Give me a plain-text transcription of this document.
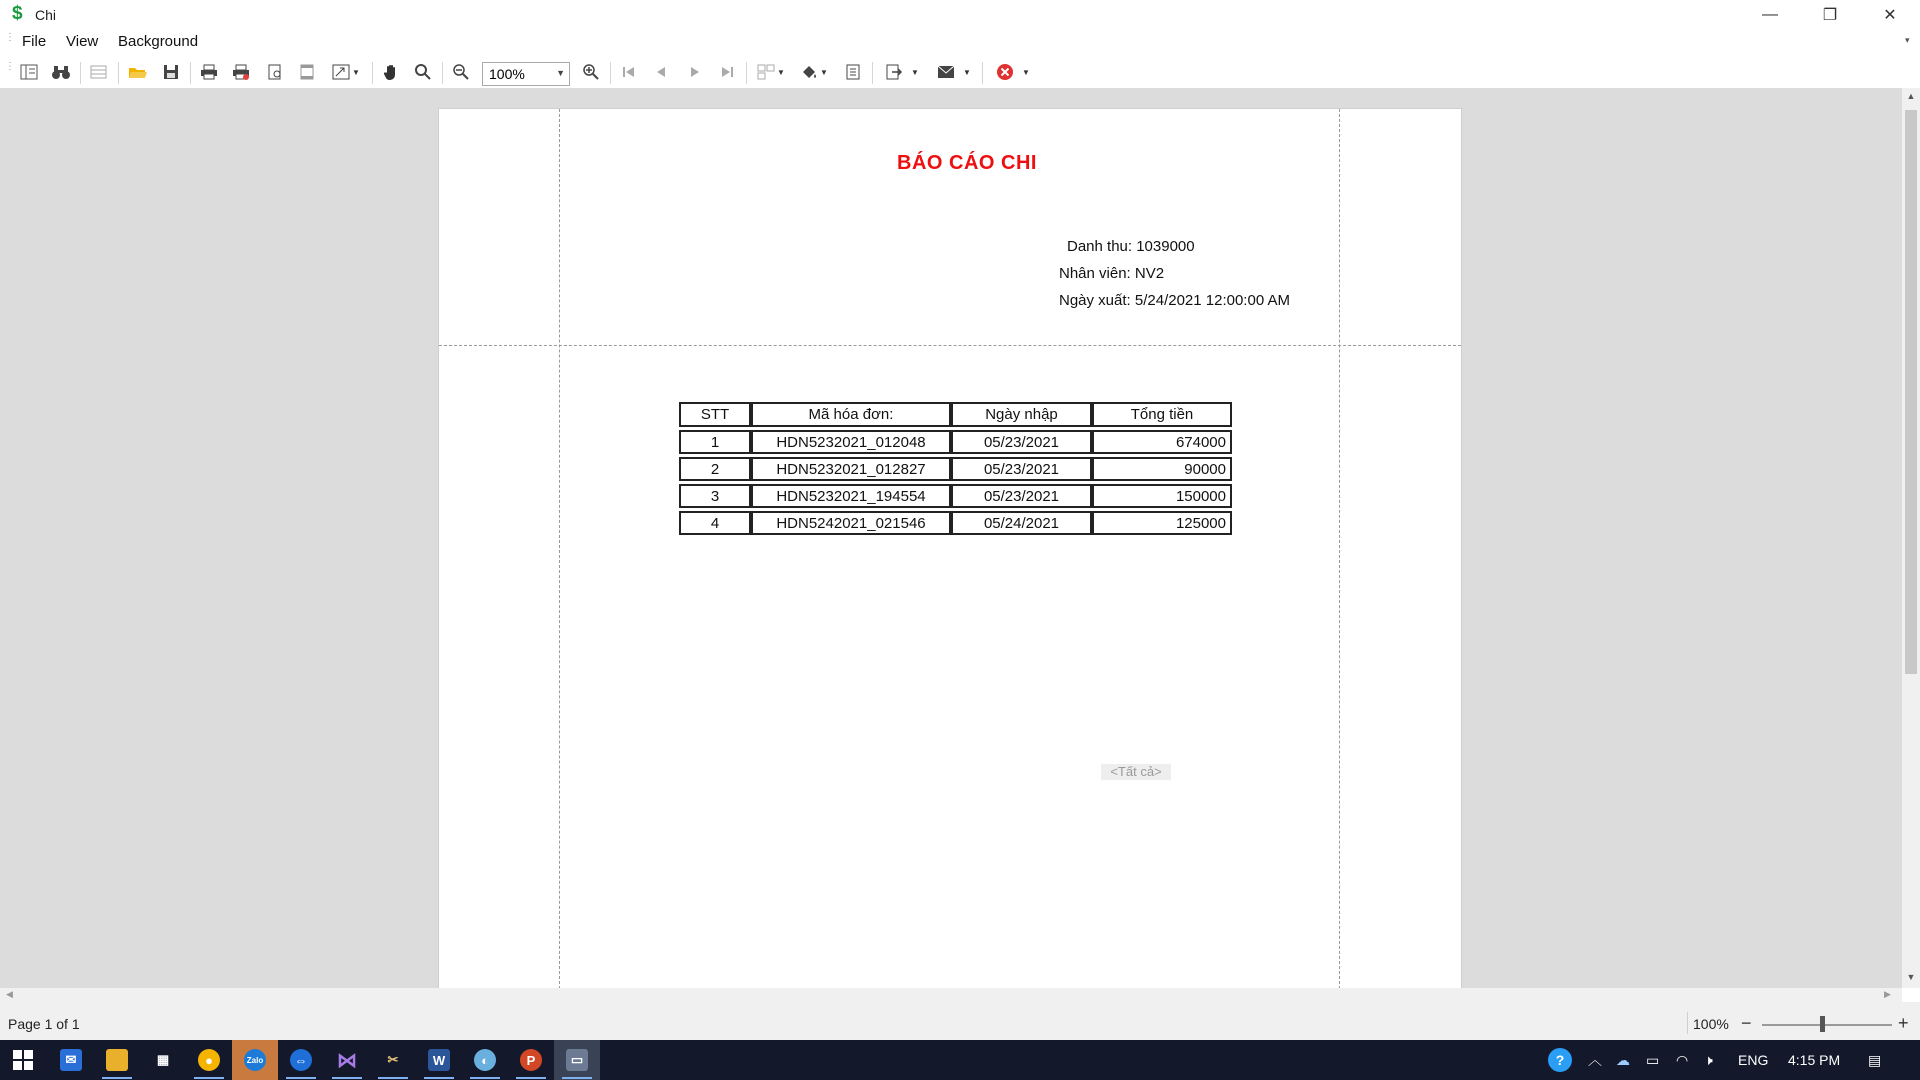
$ Chi	—	❐	✕
⋮ File View Background	▾
⋮	▼	100%	▼	▼	▼	▼	▼	▼
BÁO CÁO CHI
Danh thu: 1039000
Nhân viên: NV2
Ngày xuất: 5/24/2021 12:00:00 AM
STT	Mã hóa đơn:	Ngày nhập	Tổng tiền
1	HDN5232021_012048	05/23/2021	674000
2	HDN5232021_012827	05/23/2021	90000
3	HDN5232021_194554	05/23/2021	150000
4	HDN5242021_021546	05/24/2021	125000
<Tất cả>
▲
▼
◀	▶
Page 1 of 1	100% −	+
✉	▦	●	Zalo	⇔ ⋈	✂	W	◐	P	▭	?	︿ ☁ ▭ ◠ 🕨 ENG 4:15 PM ▤
